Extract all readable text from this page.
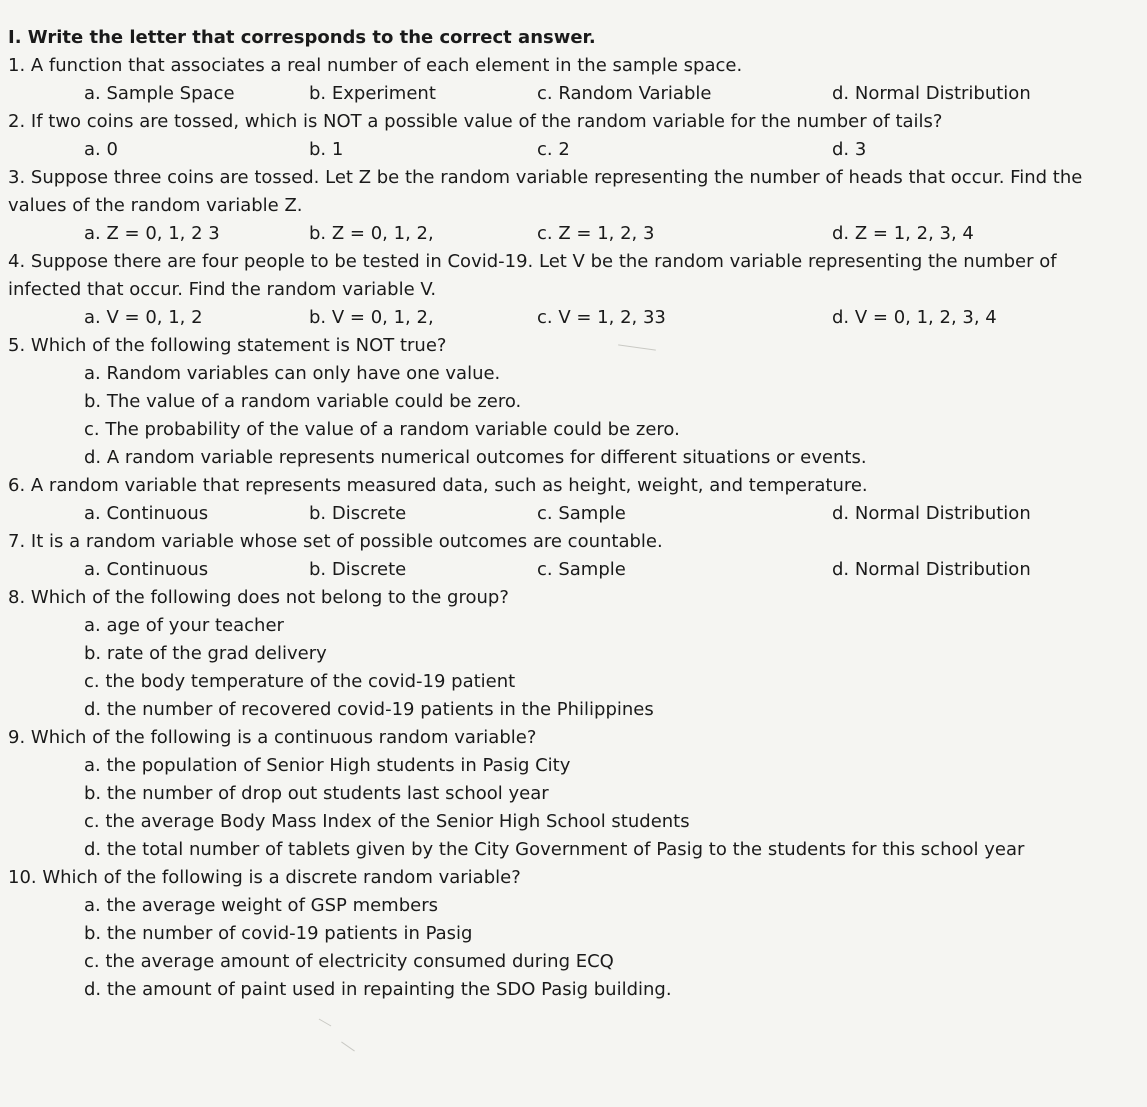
I. Write the letter that corresponds to the correct answer.
1. A function that associates a real number of each element in the sample space.
a. Sample Space	b. Experiment	c. Random Variable	d. Normal Distribution
2. If two coins are tossed, which is NOT a possible value of the random variable for the number of tails?
a. 0	b. 1	c. 2	d. 3
3. Suppose three coins are tossed. Let Z be the random variable representing the number of heads that occur. Find the
values of the random variable Z.
a. Z = 0, 1, 2 3	b. Z = 0, 1, 2,	c. Z = 1, 2, 3	d. Z = 1, 2, 3, 4
4. Suppose there are four people to be tested in Covid-19. Let V be the random variable representing the number of
infected that occur. Find the random variable V.
a. V = 0, 1, 2	b. V = 0, 1, 2,	c. V = 1, 2, 33	d. V = 0, 1, 2, 3, 4
5. Which of the following statement is NOT true?
a. Random variables can only have one value.
b. The value of a random variable could be zero.
c. The probability of the value of a random variable could be zero.
d. A random variable represents numerical outcomes for different situations or events.
6. A random variable that represents measured data, such as height, weight, and temperature.
a. Continuous	b. Discrete	c. Sample	d. Normal Distribution
7. It is a random variable whose set of possible outcomes are countable.
a. Continuous	b. Discrete	c. Sample	d. Normal Distribution
8. Which of the following does not belong to the group?
a. age of your teacher
b. rate of the grad delivery
c. the body temperature of the covid-19 patient
d. the number of recovered covid-19 patients in the Philippines
9. Which of the following is a continuous random variable?
a. the population of Senior High students in Pasig City
b. the number of drop out students last school year
c. the average Body Mass Index of the Senior High School students
d. the total number of tablets given by the City Government of Pasig to the students for this school year
10. Which of the following is a discrete random variable?
a. the average weight of GSP members
b. the number of covid-19 patients in Pasig
c. the average amount of electricity consumed during ECQ
d. the amount of paint used in repainting the SDO Pasig building.
